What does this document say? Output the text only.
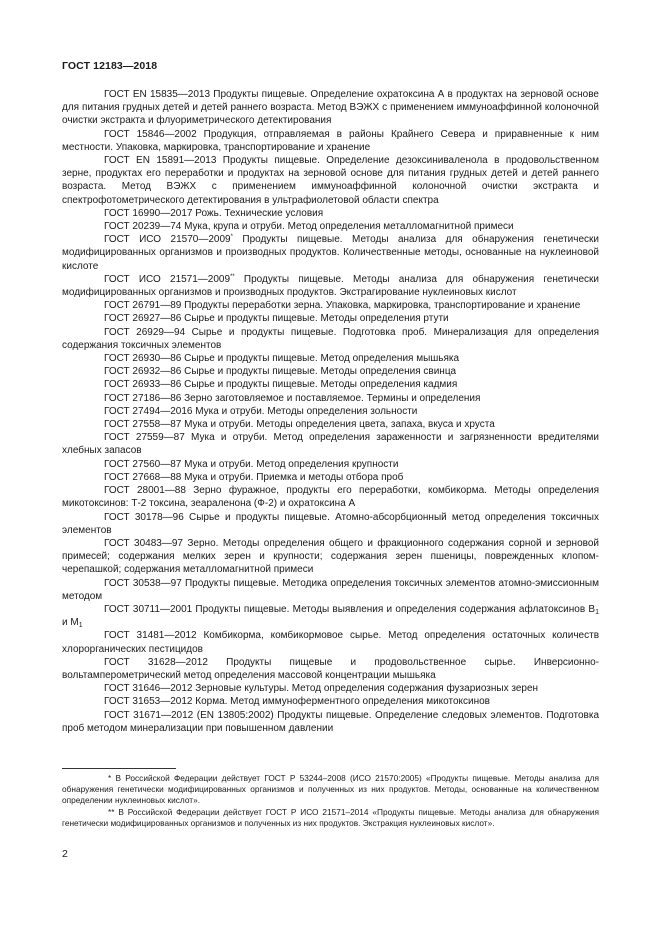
ГОСТ 12183—2018

ГОСТ EN 15835—2013 Продукты пищевые. Определение охратоксина А в продуктах на зерновой основе для питания грудных детей и детей раннего возраста. Метод ВЭЖХ с применением иммуноаффинной колоночной очистки экстракта и флуориметрического детектирования

ГОСТ 15846—2002 Продукция, отправляемая в районы Крайнего Севера и приравненные к ним местности. Упаковка, маркировка, транспортирование и хранение

ГОСТ EN 15891—2013 Продукты пищевые. Определение дезоксиниваленола в продовольственном зерне, продуктах его переработки и продуктах на зерновой основе для питания грудных детей и детей раннего возраста. Метод ВЭЖХ с применением иммуноаффинной колоночной очистки экстракта и спектрофотометрического детектирования в ультрафиолетовой области спектра

ГОСТ 16990—2017 Рожь. Технические условия

ГОСТ 20239—74 Мука, крупа и отруби. Метод определения металломагнитной примеси

ГОСТ ИСО 21570—2009* Продукты пищевые. Методы анализа для обнаружения генетически модифицированных организмов и производных продуктов. Количественные методы, основанные на нуклеиновой кислоте

ГОСТ ИСО 21571—2009** Продукты пищевые. Методы анализа для обнаружения генетически модифицированных организмов и производных продуктов. Экстрагирование нуклеиновых кислот

ГОСТ 26791—89 Продукты переработки зерна. Упаковка, маркировка, транспортирование и хранение

ГОСТ 26927—86 Сырье и продукты пищевые. Методы определения ртути

ГОСТ 26929—94 Сырье и продукты пищевые. Подготовка проб. Минерализация для определения содержания токсичных элементов

ГОСТ 26930—86 Сырье и продукты пищевые. Метод определения мышьяка

ГОСТ 26932—86 Сырье и продукты пищевые. Методы определения свинца

ГОСТ 26933—86 Сырье и продукты пищевые. Методы определения кадмия

ГОСТ 27186—86 Зерно заготовляемое и поставляемое. Термины и определения

ГОСТ 27494—2016 Мука и отруби. Методы определения зольности

ГОСТ 27558—87 Мука и отруби. Методы определения цвета, запаха, вкуса и хруста

ГОСТ 27559—87 Мука и отруби. Метод определения зараженности и загрязненности вредителями хлебных запасов

ГОСТ 27560—87 Мука и отруби. Метод определения крупности

ГОСТ 27668—88 Мука и отруби. Приемка и методы отбора проб

ГОСТ 28001—88 Зерно фуражное, продукты его переработки, комбикорма. Методы определения микотоксинов: Т-2 токсина, зеараленона (Ф-2) и охратоксина А

ГОСТ 30178—96 Сырье и продукты пищевые. Атомно-абсорбционный метод определения токсичных элементов

ГОСТ 30483—97 Зерно. Методы определения общего и фракционного содержания сорной и зерновой примесей; содержания мелких зерен и крупности; содержания зерен пшеницы, поврежденных клопом-черепашкой; содержания металломагнитной примеси

ГОСТ 30538—97 Продукты пищевые. Методика определения токсичных элементов атомно-эмиссионным методом

ГОСТ 30711—2001 Продукты пищевые. Методы выявления и определения содержания афлатоксинов $В_1$ и $М_1$

ГОСТ 31481—2012 Комбикорма, комбикормовое сырье. Метод определения остаточных количеств хлорорганических пестицидов

ГОСТ 31628—2012 Продукты пищевые и продовольственное сырье. Инверсионно-вольтамперометрический метод определения массовой концентрации мышьяка

ГОСТ 31646—2012 Зерновые культуры. Метод определения содержания фузариозных зерен

ГОСТ 31653—2012 Корма. Метод иммуноферментного определения микотоксинов

ГОСТ 31671—2012 (EN 13805:2002) Продукты пищевые. Определение следовых элементов. Подготовка проб методом минерализации при повышенном давлении

* В Российской Федерации действует ГОСТ Р 53244–2008 (ИСО 21570:2005) «Продукты пищевые. Методы анализа для обнаружения генетически модифицированных организмов и полученных из них продуктов. Методы, основанные на количественном определении нуклеиновых кислот».

** В Российской Федерации действует ГОСТ Р ИСО 21571–2014 «Продукты пищевые. Методы анализа для обнаружения генетически модифицированных организмов и полученных из них продуктов. Экстракция нуклеиновых кислот».

2
